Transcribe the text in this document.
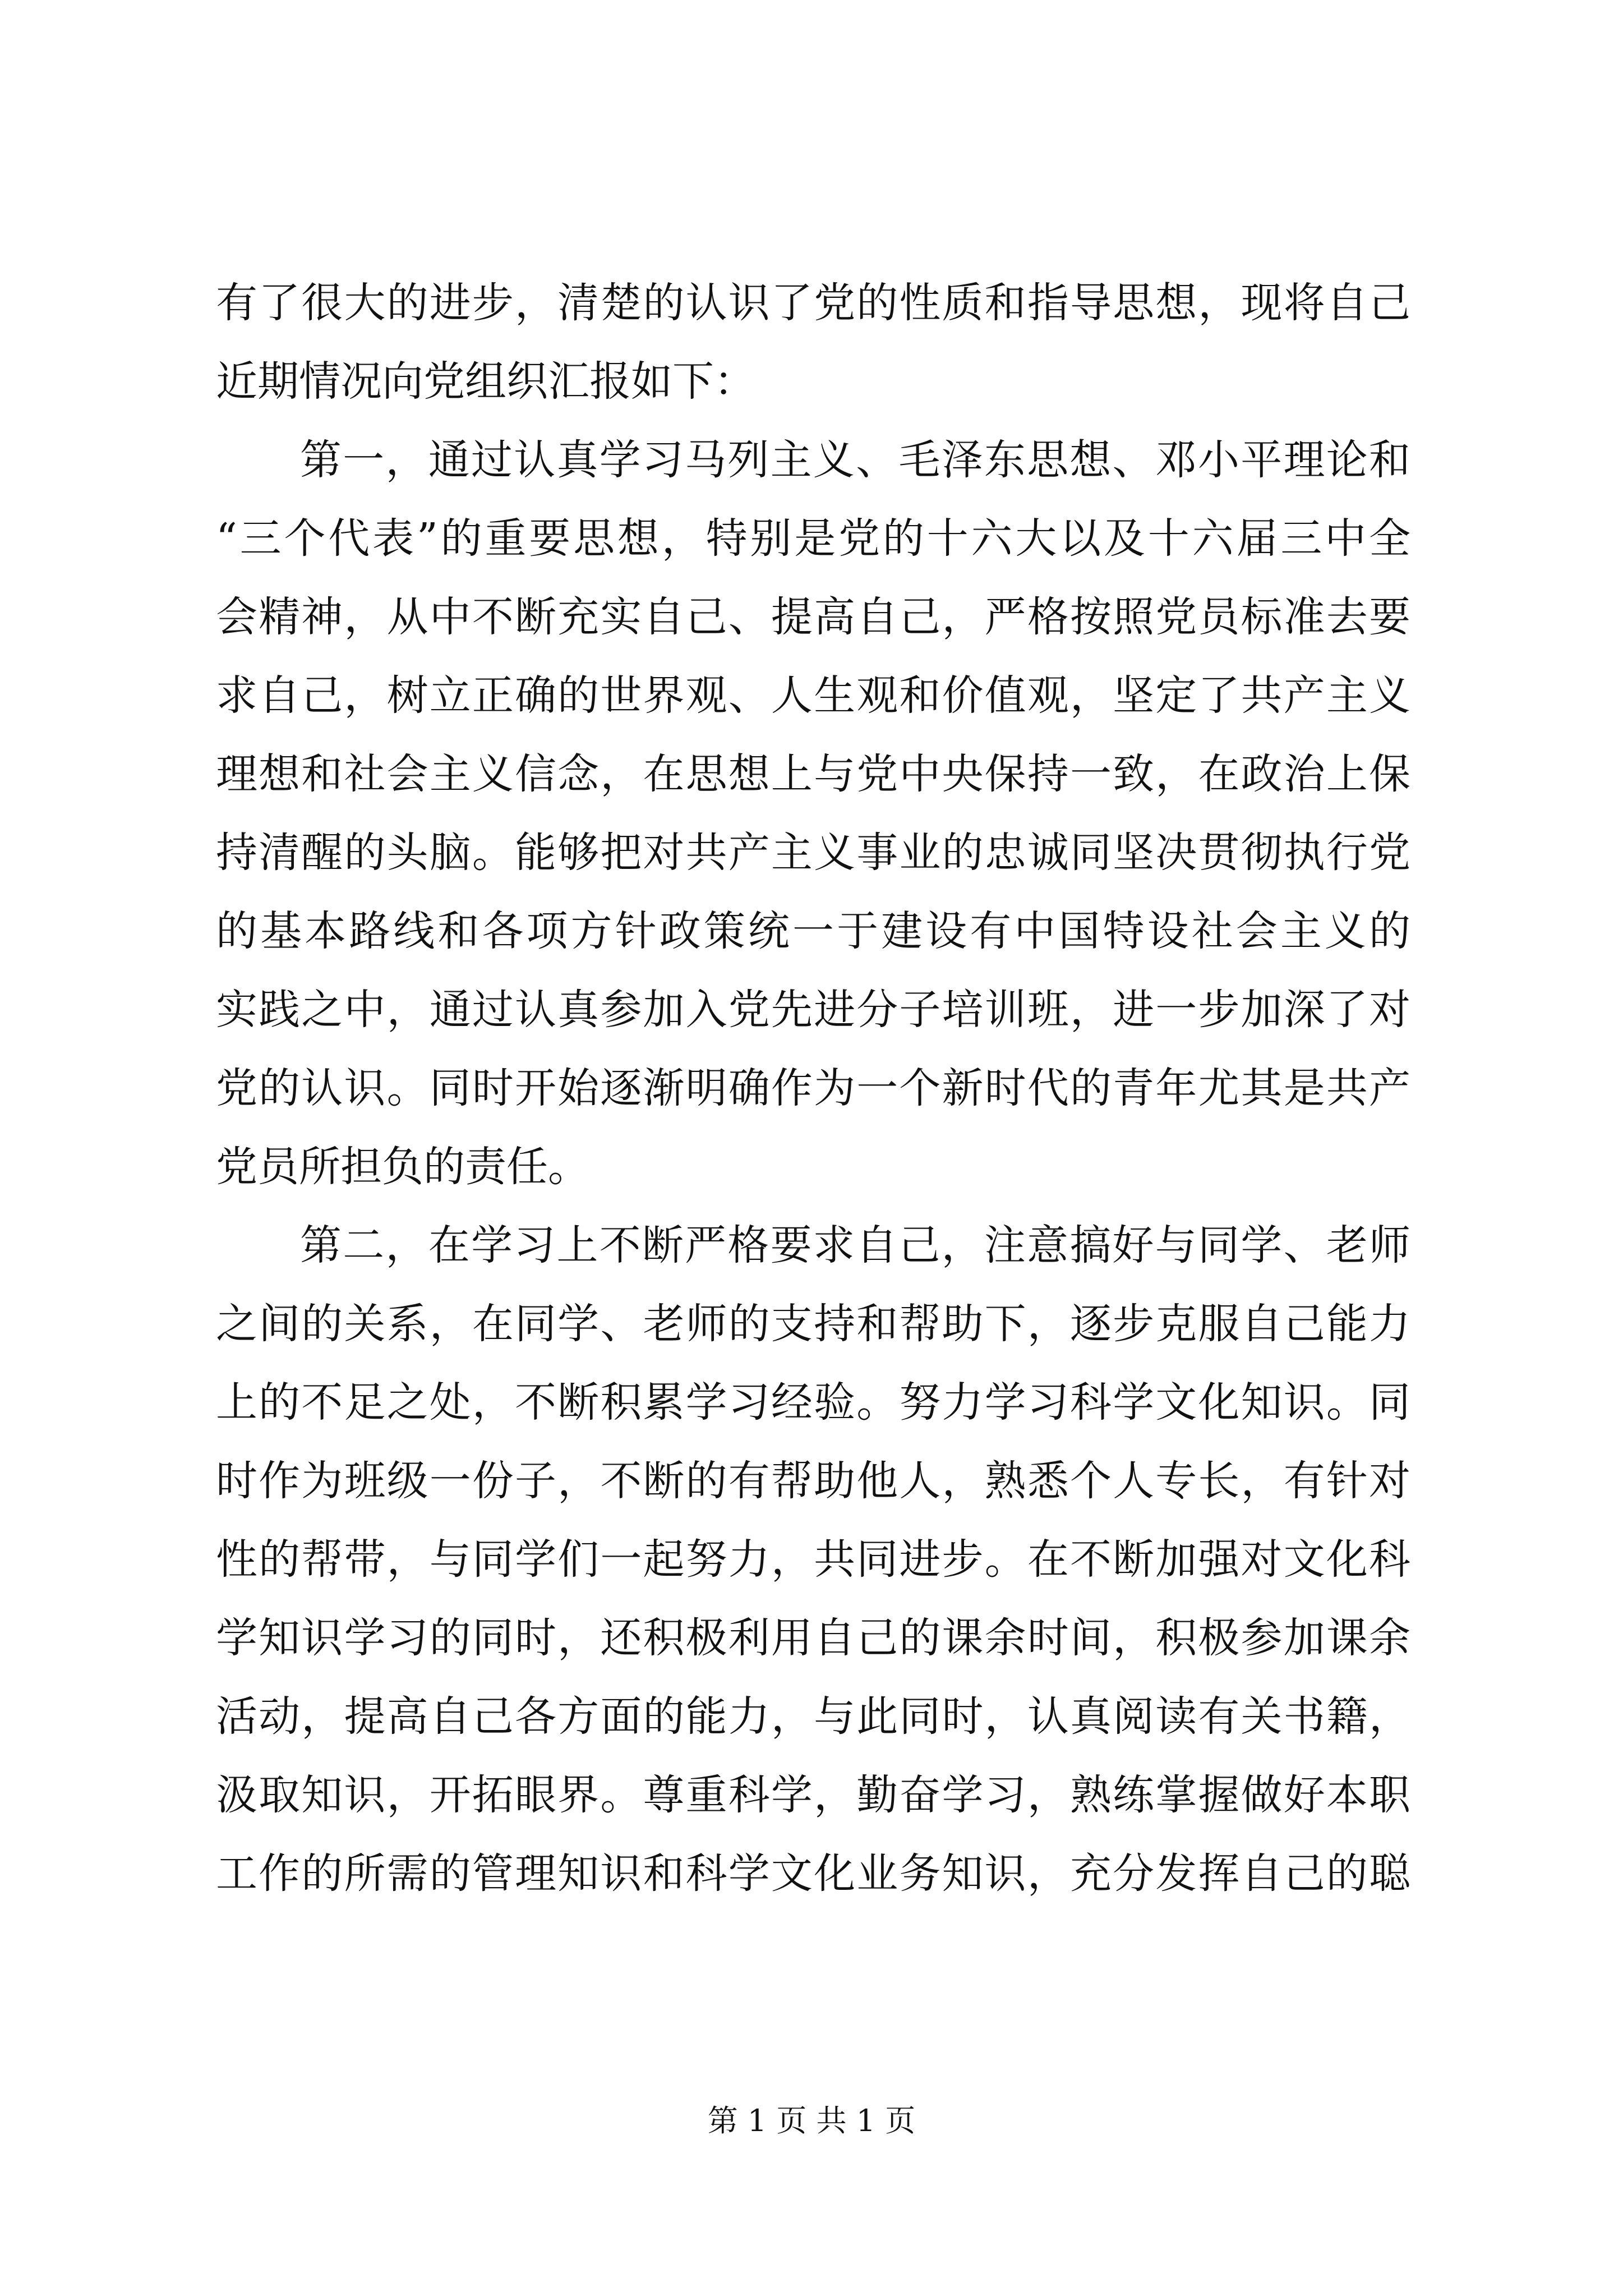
有了很大的进步，清楚的认识了党的性质和指导思想，现将自己
近期情况向党组织汇报如下：
第一，通过认真学习马列主义、毛泽东思想、邓小平理论和
“三个代表”的重要思想，特别是党的十六大以及十六届三中全
会精神，从中不断充实自己、提高自己，严格按照党员标准去要
求自己，树立正确的世界观、人生观和价值观，坚定了共产主义
理想和社会主义信念，在思想上与党中央保持一致，在政治上保
持清醒的头脑。能够把对共产主义事业的忠诚同坚决贯彻执行党
的基本路线和各项方针政策统一于建设有中国特设社会主义的
实践之中，通过认真参加入党先进分子培训班，进一步加深了对
党的认识。同时开始逐渐明确作为一个新时代的青年尤其是共产
党员所担负的责任。
第二，在学习上不断严格要求自己，注意搞好与同学、老师
之间的关系，在同学、老师的支持和帮助下，逐步克服自己能力
上的不足之处，不断积累学习经验。努力学习科学文化知识。同
时作为班级一份子，不断的有帮助他人，熟悉个人专长，有针对
性的帮带，与同学们一起努力，共同进步。在不断加强对文化科
学知识学习的同时，还积极利用自己的课余时间，积极参加课余
活动，提高自己各方面的能力，与此同时，认真阅读有关书籍，
汲取知识，开拓眼界。尊重科学，勤奋学习，熟练掌握做好本职
工作的所需的管理知识和科学文化业务知识，充分发挥自己的聪
第 1 页 共 1 页
